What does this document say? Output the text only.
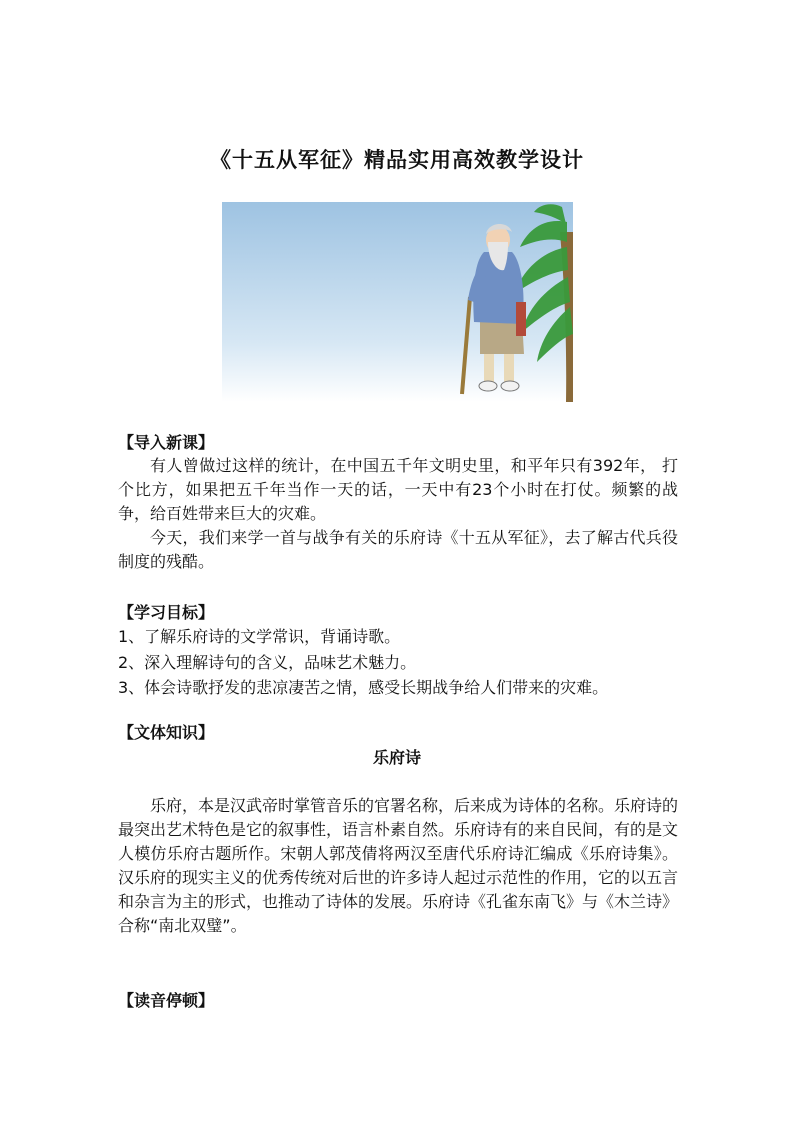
《十五从军征》精品实用高效教学设计
【导入新课】
有人曾做过这样的统计，在中国五千年文明史里，和平年只有392年， 打个比方，如果把五千年当作一天的话，一天中有23个小时在打仗。频繁的战争，给百姓带来巨大的灾难。
今天，我们来学一首与战争有关的乐府诗《十五从军征》，去了解古代兵役制度的残酷。
【学习目标】
1、了解乐府诗的文学常识，背诵诗歌。
2、深入理解诗句的含义，品味艺术魅力。
3、体会诗歌抒发的悲凉凄苦之情，感受长期战争给人们带来的灾难。
【文体知识】
乐府诗
乐府，本是汉武帝时掌管音乐的官署名称，后来成为诗体的名称。乐府诗的最突出艺术特色是它的叙事性，语言朴素自然。乐府诗有的来自民间，有的是文人模仿乐府古题所作。宋朝人郭茂倩将两汉至唐代乐府诗汇编成《乐府诗集》。汉乐府的现实主义的优秀传统对后世的许多诗人起过示范性的作用，它的以五言和杂言为主的形式，也推动了诗体的发展。乐府诗《孔雀东南飞》与《木兰诗》合称“南北双璧”。
【读音停顿】
